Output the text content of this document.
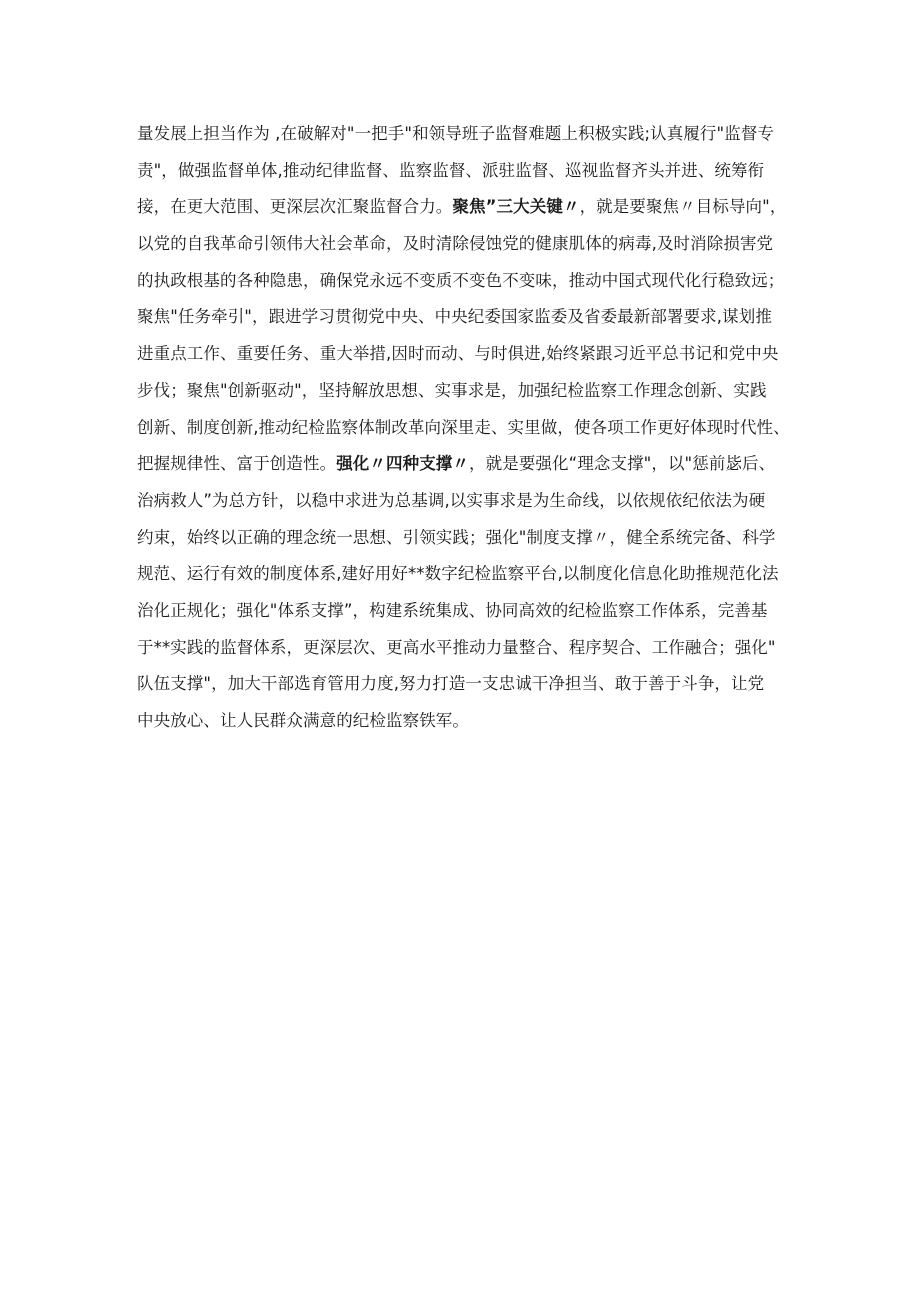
量发展上担当作为 ,在破解对"一把手"和领导班子监督难题上积极实践;认真履行"监督专
责"，做强监督单体,推动纪律监督、监察监督、派驻监督、巡视监督齐头并进、统筹衔
接，在更大范围、更深层次汇聚监督合力。聚焦”三大关键〃，就是要聚焦〃目标导向"，
以党的自我革命引领伟大社会革命，及时清除侵蚀党的健康肌体的病毒,及时消除损害党
的执政根基的各种隐患，确保党永远不变质不变色不变味，推动中国式现代化行稳致远；
聚焦"任务牵引"，跟进学习贯彻党中央、中央纪委国家监委及省委最新部署要求,谋划推
进重点工作、重要任务、重大举措,因时而动、与时俱进,始终紧跟习近平总书记和党中央
步伐；聚焦"创新驱动"，坚持解放思想、实事求是，加强纪检监察工作理念创新、实践
创新、制度创新,推动纪检监察体制改革向深里走、实里做，使各项工作更好体现时代性、
把握规律性、富于创造性。强化〃四种支撑〃，就是要强化“理念支撑"，以"惩前毖后、
治病救人”为总方针，以稳中求进为总基调,以实事求是为生命线，以依规依纪依法为硬
约束，始终以正确的理念统一思想、引领实践；强化"制度支撑〃，健全系统完备、科学
规范、运行有效的制度体系,建好用好**数字纪检监察平台,以制度化信息化助推规范化法
治化正规化；强化"体系支撑”，构建系统集成、协同高效的纪检监察工作体系，完善基
于**实践的监督体系，更深层次、更高水平推动力量整合、程序契合、工作融合；强化"
队伍支撑"，加大干部选育管用力度,努力打造一支忠诚干净担当、敢于善于斗争，让党
中央放心、让人民群众满意的纪检监察铁军。
